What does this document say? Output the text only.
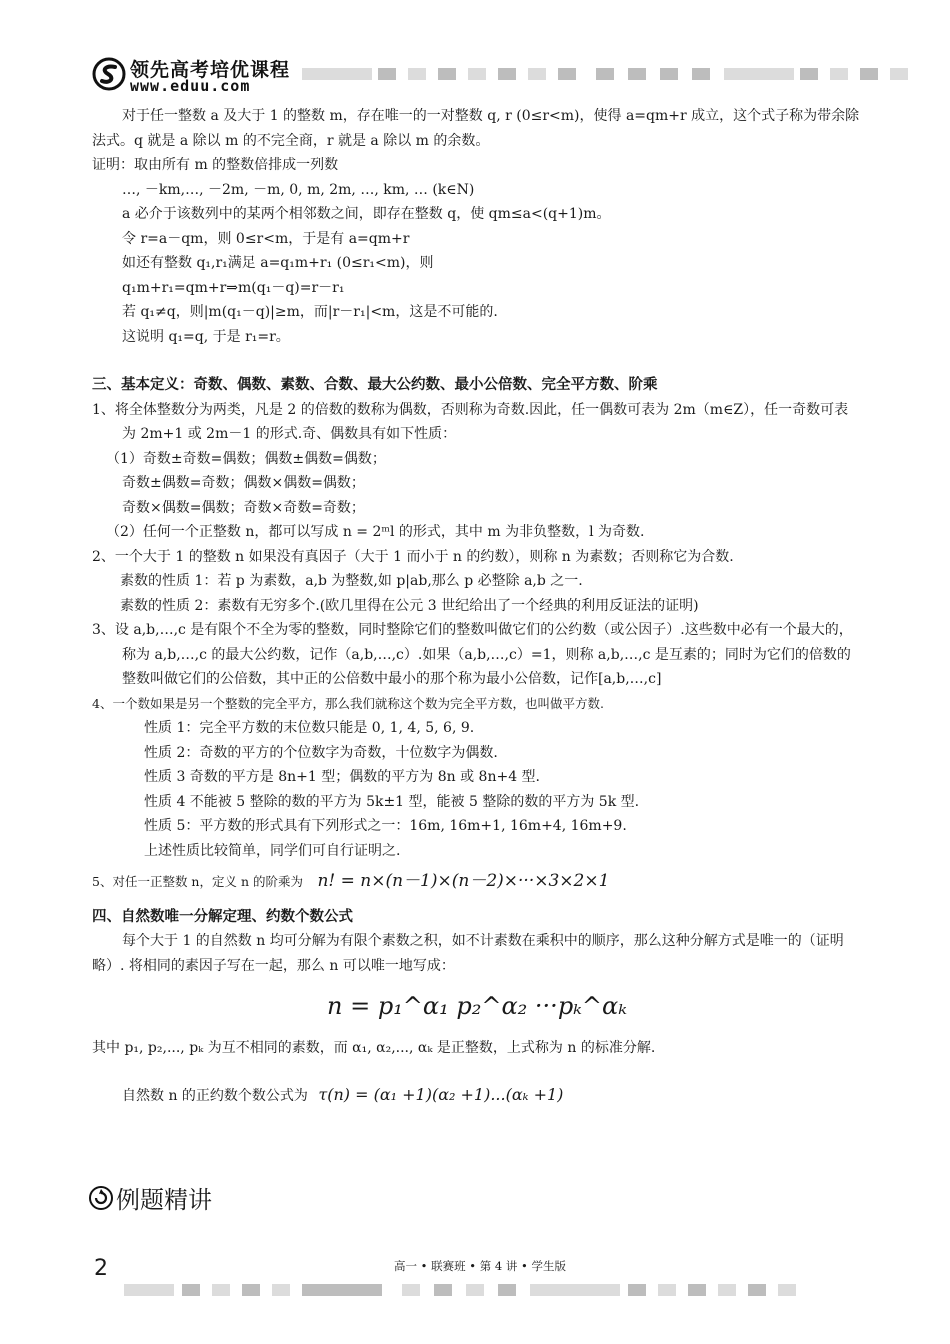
领先高考培优课程
www.eduu.com

对于任一整数 a 及大于 1 的整数 m，存在唯一的一对整数 q, r (0≤r<m)，使得 a=qm+r 成立，这个式子称为带余除法式。q 就是 a 除以 m 的不完全商，r 就是 a 除以 m 的余数。

证明：取由所有 m 的整数倍排成一列数

…, －km,…, －2m, －m, 0, m, 2m, …, km, … (k∈N)

a 必介于该数列中的某两个相邻数之间，即存在整数 q，使 qm≤a<(q+1)m。

令 r=a－qm，则 0≤r<m，于是有 a=qm+r

如还有整数 q₁,r₁满足 a=q₁m+r₁ (0≤r₁<m)，则

q₁m+r₁=qm+r⇒m(q₁－q)=r－r₁

若 q₁≠q，则|m(q₁－q)|≥m，而|r－r₁|<m，这是不可能的.

这说明 q₁=q, 于是 r₁=r。

三、基本定义：奇数、偶数、素数、合数、最大公约数、最小公倍数、完全平方数、阶乘

1、将全体整数分为两类，凡是 2 的倍数的数称为偶数，否则称为奇数.因此，任一偶数可表为 2m（m∈Z），任一奇数可表为 2m+1 或 2m－1 的形式.奇、偶数具有如下性质：

（1）奇数±奇数=偶数；偶数±偶数=偶数；

奇数±偶数=奇数；偶数×偶数=偶数；

奇数×偶数=偶数；奇数×奇数=奇数；

（2）任何一个正整数 n，都可以写成 n = 2ᵐl 的形式，其中 m 为非负整数，l 为奇数.

2、一个大于 1 的整数 n 如果没有真因子（大于 1 而小于 n 的约数），则称 n 为素数；否则称它为合数.

素数的性质 1：若 p 为素数，a,b 为整数,如 p|ab,那么 p 必整除 a,b 之一.

素数的性质 2：素数有无穷多个.(欧几里得在公元 3 世纪给出了一个经典的利用反证法的证明)

3、设 a,b,…,c 是有限个不全为零的整数，同时整除它们的整数叫做它们的公约数（或公因子）.这些数中必有一个最大的，称为 a,b,…,c 的最大公约数，记作（a,b,…,c）.如果（a,b,…,c）=1，则称 a,b,…,c 是互素的；同时为它们的倍数的整数叫做它们的公倍数，其中正的公倍数中最小的那个称为最小公倍数，记作[a,b,…,c]

4、一个数如果是另一个整数的完全平方，那么我们就称这个数为完全平方数，也叫做平方数.

性质 1：完全平方数的末位数只能是 0, 1, 4, 5, 6, 9.

性质 2：奇数的平方的个位数字为奇数，十位数字为偶数.

性质 3 奇数的平方是 8n+1 型；偶数的平方为 8n 或 8n+4 型.

性质 4 不能被 5 整除的数的平方为 5k±1 型，能被 5 整除的数的平方为 5k 型.

性质 5：平方数的形式具有下列形式之一：16m, 16m+1, 16m+4, 16m+9.

上述性质比较简单，同学们可自行证明之.

5、对任一正整数 n，定义 n 的阶乘为 n! = n×(n－1)×(n－2)×···×3×2×1

四、自然数唯一分解定理、约数个数公式

每个大于 1 的自然数 n 均可分解为有限个素数之积，如不计素数在乘积中的顺序，那么这种分解方式是唯一的（证明略）. 将相同的素因子写在一起，那么 n 可以唯一地写成：

n = p₁^α₁ p₂^α₂ ···pₖ^αₖ

其中 p₁, p₂,..., pₖ 为互不相同的素数，而 α₁, α₂,..., αₖ 是正整数，上式称为 n 的标准分解.

自然数 n 的正约数个数公式为 τ(n) = (α₁ +1)(α₂ +1)...(αₖ +1)

例题精讲
2	高一 • 联赛班 • 第 4 讲 • 学生版
